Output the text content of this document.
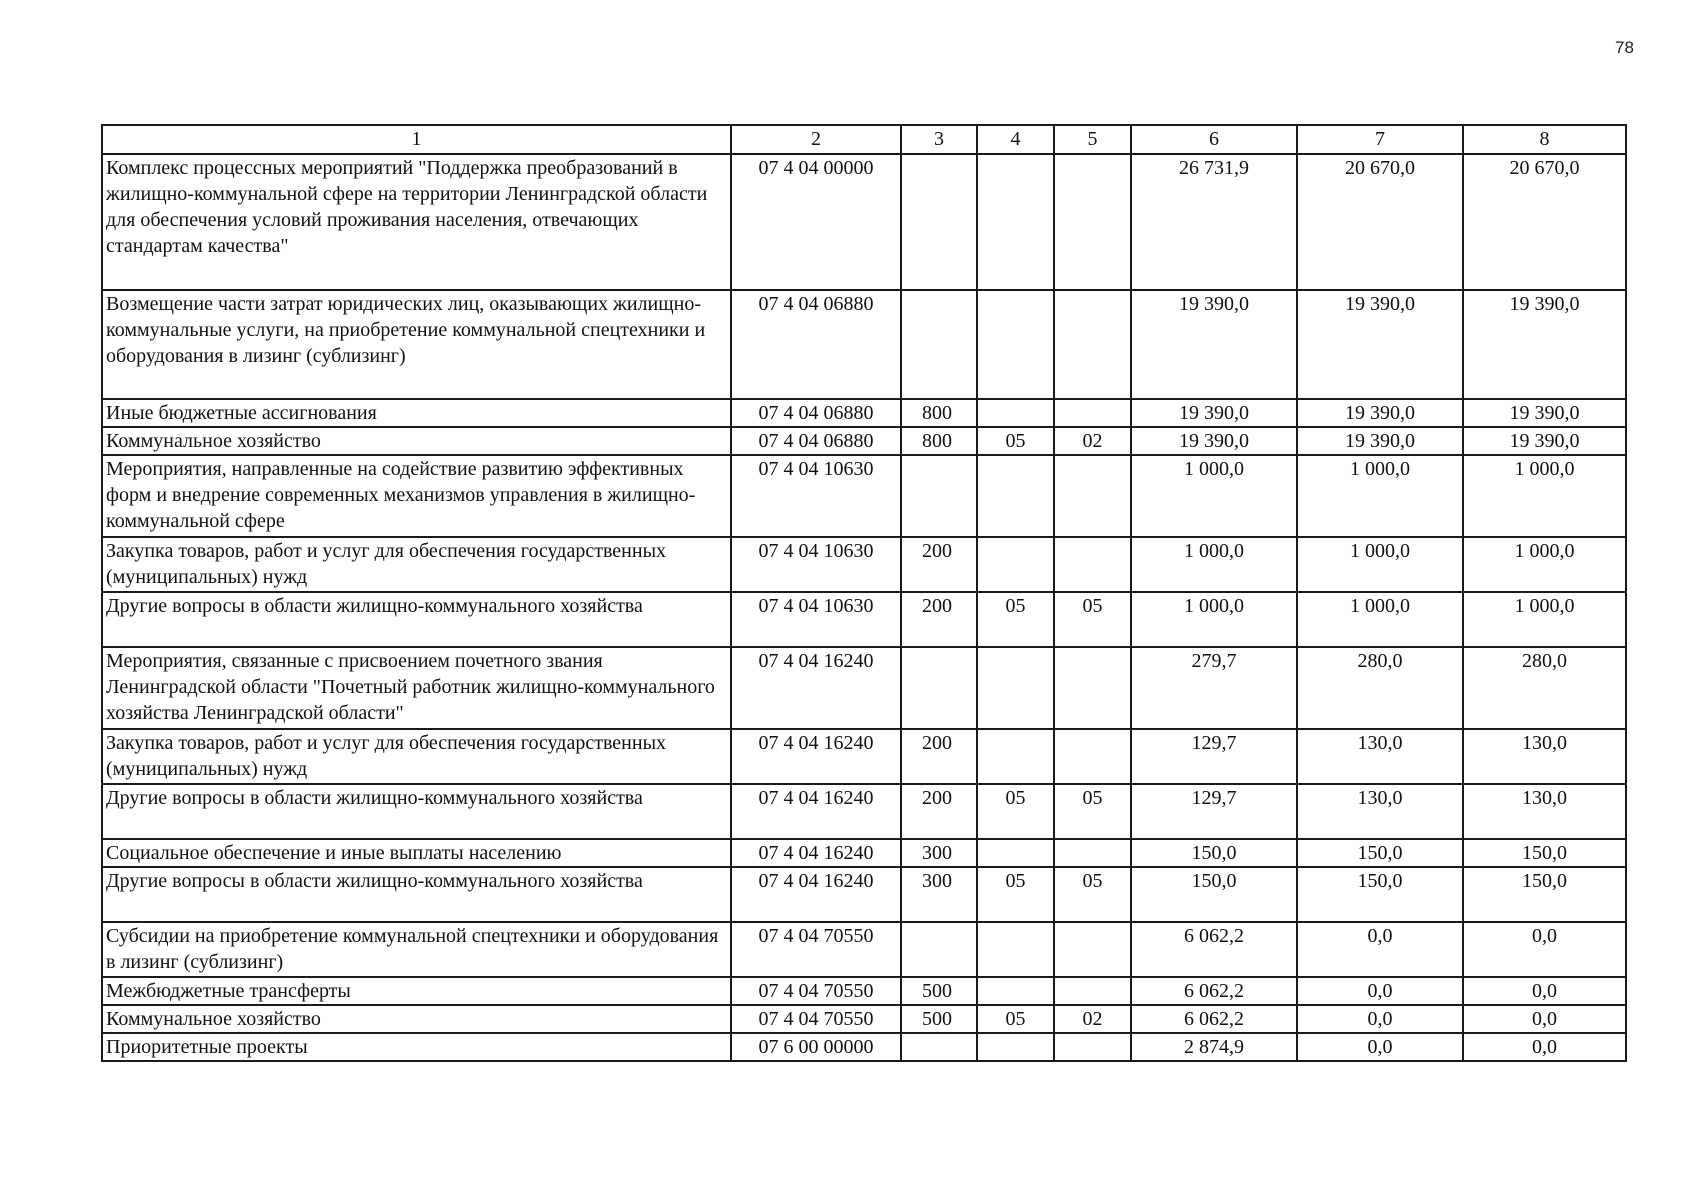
78
1	2	3	4	5	6	7	8
Комплекс процессных мероприятий "Поддержка преобразований в жилищно-коммунальной сфере на территории Ленинградской области для обеспечения условий проживания населения, отвечающих стандартам качества"	07 4 04 00000				26 731,9	20 670,0	20 670,0
Возмещение части затрат юридических лиц, оказывающих жилищно-коммунальные услуги, на приобретение коммунальной спецтехники и оборудования в лизинг (сублизинг)	07 4 04 06880				19 390,0	19 390,0	19 390,0
Иные бюджетные ассигнования	07 4 04 06880	800			19 390,0	19 390,0	19 390,0
Коммунальное хозяйство	07 4 04 06880	800	05	02	19 390,0	19 390,0	19 390,0
Мероприятия, направленные на содействие развитию эффективных форм и внедрение современных механизмов управления в жилищно-коммунальной сфере	07 4 04 10630				1 000,0	1 000,0	1 000,0
Закупка товаров, работ и услуг для обеспечения государственных (муниципальных) нужд	07 4 04 10630	200			1 000,0	1 000,0	1 000,0
Другие вопросы в области жилищно-коммунального хозяйства	07 4 04 10630	200	05	05	1 000,0	1 000,0	1 000,0
Мероприятия, связанные с присвоением почетного звания Ленинградской области "Почетный работник жилищно-коммунального хозяйства Ленинградской области"	07 4 04 16240				279,7	280,0	280,0
Закупка товаров, работ и услуг для обеспечения государственных (муниципальных) нужд	07 4 04 16240	200			129,7	130,0	130,0
Другие вопросы в области жилищно-коммунального хозяйства	07 4 04 16240	200	05	05	129,7	130,0	130,0
Социальное обеспечение и иные выплаты населению	07 4 04 16240	300			150,0	150,0	150,0
Другие вопросы в области жилищно-коммунального хозяйства	07 4 04 16240	300	05	05	150,0	150,0	150,0
Субсидии на приобретение коммунальной спецтехники и оборудования в лизинг (сублизинг)	07 4 04 70550				6 062,2	0,0	0,0
Межбюджетные трансферты	07 4 04 70550	500			6 062,2	0,0	0,0
Коммунальное хозяйство	07 4 04 70550	500	05	02	6 062,2	0,0	0,0
Приоритетные проекты	07 6 00 00000				2 874,9	0,0	0,0
